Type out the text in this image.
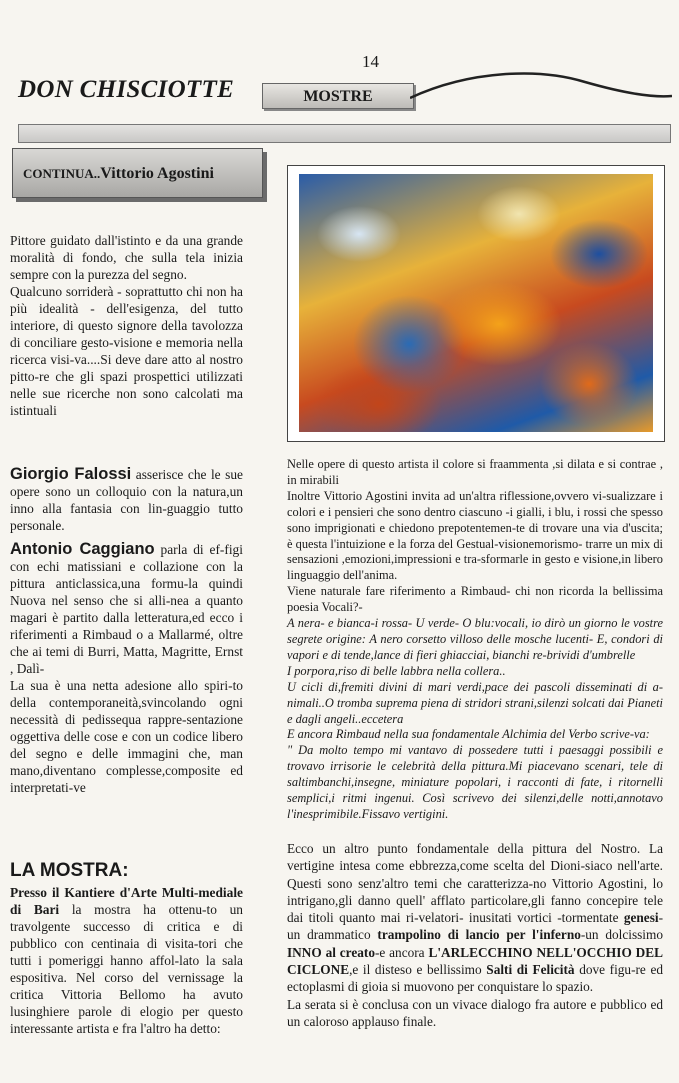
14
DON CHISCIOTTE	MOSTRE
CONTINUA..Vittorio Agostini

Pittore guidato dall'istinto e da una grande moralità di fondo, che sulla tela inizia sempre con la purezza del segno.

Qualcuno sorriderà - soprattutto chi non ha più idealità - dell'esigenza, del tutto interiore, di questo signore della tavolozza di conciliare gesto-visione e memoria nella ricerca visi-va....Si deve dare atto al nostro pitto-re che gli spazi prospettici utilizzati nelle sue ricerche non sono calcolati ma istintuali

Giorgio Falossi asserisce che le sue opere sono un colloquio con la natura,un inno alla fantasia con lin-guaggio tutto personale.

Antonio Caggiano parla di ef-figi con echi matissiani e collazione con la pittura anticlassica,una formu-la quindi Nuova nel senso che si alli-nea a quanto magari è partito dalla letteratura,ed ecco i riferimenti a Rimbaud o a Mallarmé, oltre che ai temi di Burri, Matta, Magritte, Ernst , Dalì-

La sua è una netta adesione allo spiri-to della contemporaneità,svincolando ogni necessità di pedissequa rappre-sentazione oggettiva delle cose e con un codice libero del segno e delle immagini che, man mano,diventano complesse,composite ed interpretati-ve

LA MOSTRA:

Presso il Kantiere d'Arte Multi-mediale di Bari la mostra ha ottenu-to un travolgente successo di critica e di pubblico con centinaia di visita-tori che tutti i pomeriggi hanno affol-lato la sala espositiva. Nel corso del vernissage la critica Vittoria Bellomo ha avuto lusinghiere parole di elogio per questo interessante artista e fra l'altro ha detto:

Nelle opere di questo artista il colore si fraammenta ,si dilata e si contrae , in mirabili

Inoltre Vittorio Agostini invita ad un'altra riflessione,ovvero vi-sualizzare i colori e i pensieri che sono dentro ciascuno -i gialli, i blu, i rossi che spesso sono imprigionati e chiedono prepotentemen-te di trovare una via d'uscita; è questa l'intuizione e la forza del Gestual-visionemorismo- trarre un mix di sensazioni ,emozioni,impressioni e tra-sformarle in gesto e visione,in libero linguaggio dell'anima.

Viene naturale fare riferimento a Rimbaud- chi non ricorda la bellissima poesia Vocali?-

A nera- e bianca-i rossa- U verde- O blu:vocali, io dirò un giorno le vostre segrete origine: A nero corsetto villoso delle mosche lucenti- E, condori di vapori e di tende,lance di fieri ghiacciai, bianchi re-brividi d'umbrelle

I porpora,riso di belle labbra nella collera..

U cicli di,fremiti divini di mari verdi,pace dei pascoli disseminati di a-nimali..O tromba suprema piena di stridori strani,silenzi solcati dai Pianeti e dagli angeli..eccetera

E ancora Rimbaud nella sua fondamentale Alchimia del Verbo scrive-va:

" Da molto tempo mi vantavo di possedere tutti i paesaggi possibili e trovavo irrisorie le celebrità della pittura.Mi piacevano scenari, tele di saltimbanchi,insegne, miniature popolari, i racconti di fate, i ritornelli semplici,i ritmi ingenui. Così scrivevo dei silenzi,delle notti,annotavo l'inesprimibile.Fissavo vertigini.

Ecco un altro punto fondamentale della pittura del Nostro. La vertigine intesa come ebbrezza,come scelta del Dioni-siaco nell'arte. Questi sono senz'altro temi che caratterizza-no Vittorio Agostini, lo intrigano,gli danno quell' afflato particolare,gli fanno concepire tele dai titoli quanto mai ri-velatori- inusitati vortici -tormentate genesi- un drammatico trampolino di lancio per l'inferno-un dolcissimo INNO al creato-e ancora L'ARLECCHINO NELL'OCCHIO DEL CICLONE,e il disteso e bellissimo Salti di Felicità dove figu-re ed ectoplasmi di gioia si muovono per conquistare lo spazio.

La serata si è conclusa con un vivace dialogo fra autore e pubblico ed un caloroso applauso finale.
